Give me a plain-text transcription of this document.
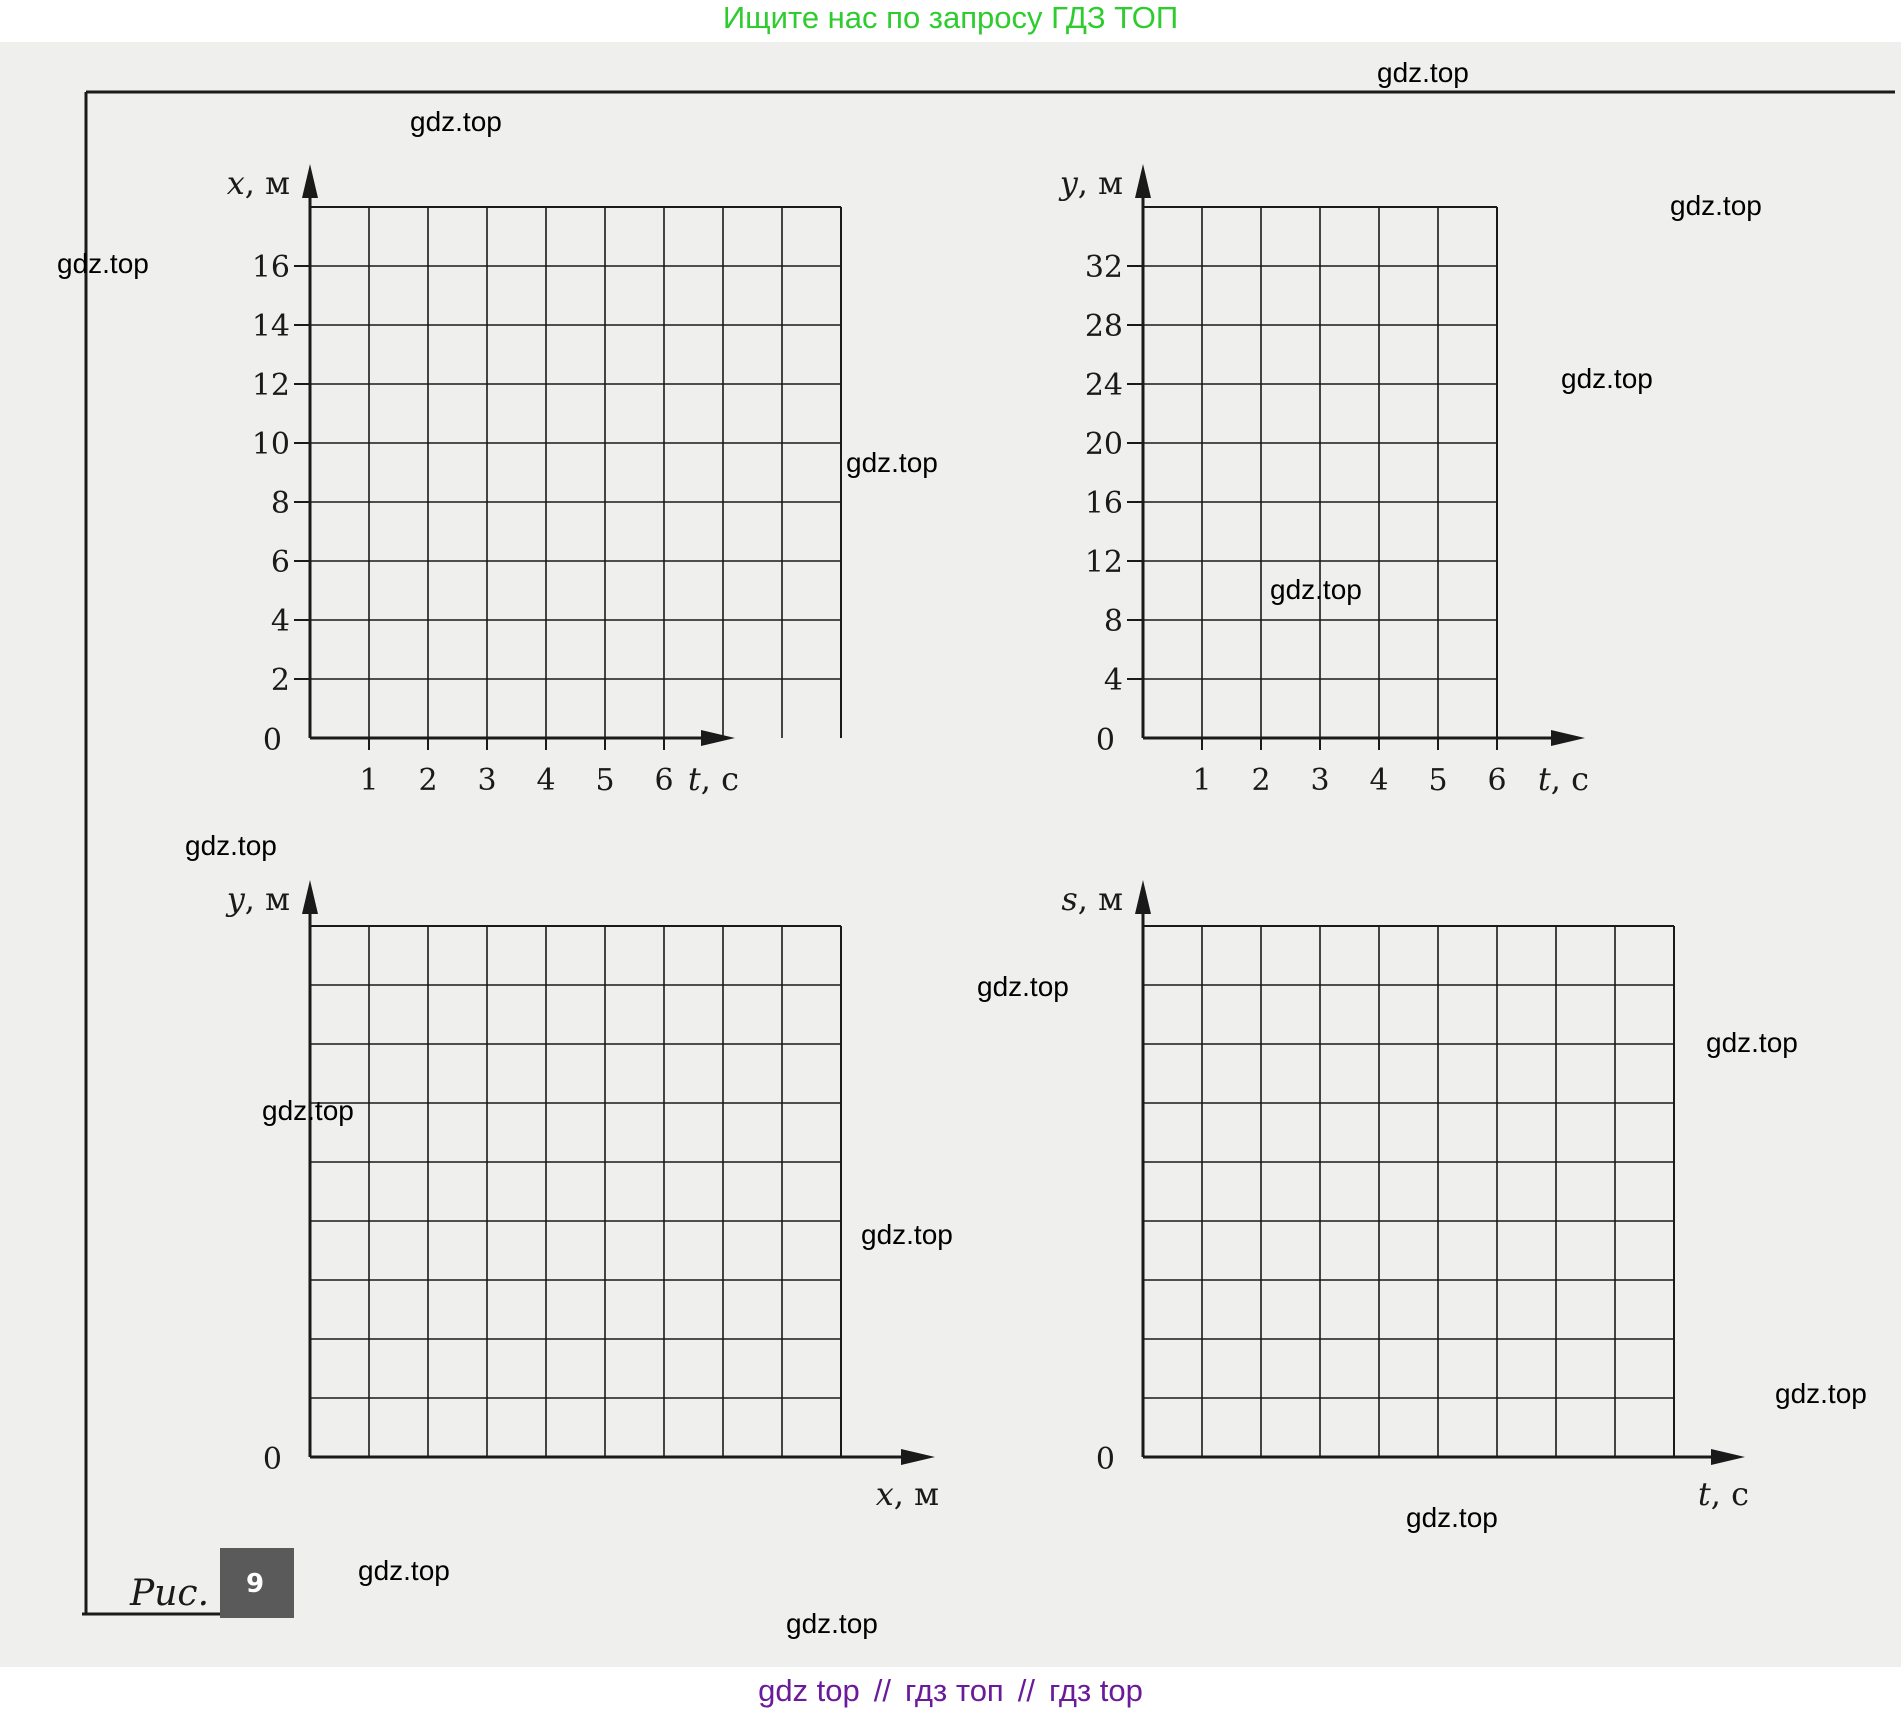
Ищите нас по запросу ГДЗ ТОП
0
2
4
6
8
10
12
14
16
1 2 3 4 5 6
x, м
t, с
0
4
8
12
16
20
24
28
32
1 2 3 4 5 6
y, м
t, с
0
y, м
x, м
0
s, м
t, с
Рис. 9
gdz top // гдз топ // гдз top
gdz.top
gdz.top
gdz.top
gdz.top
gdz.top
gdz.top
gdz.top
gdz.top
gdz.top
gdz.top
gdz.top
gdz.top
gdz.top
gdz.top
gdz.top
gdz.top
